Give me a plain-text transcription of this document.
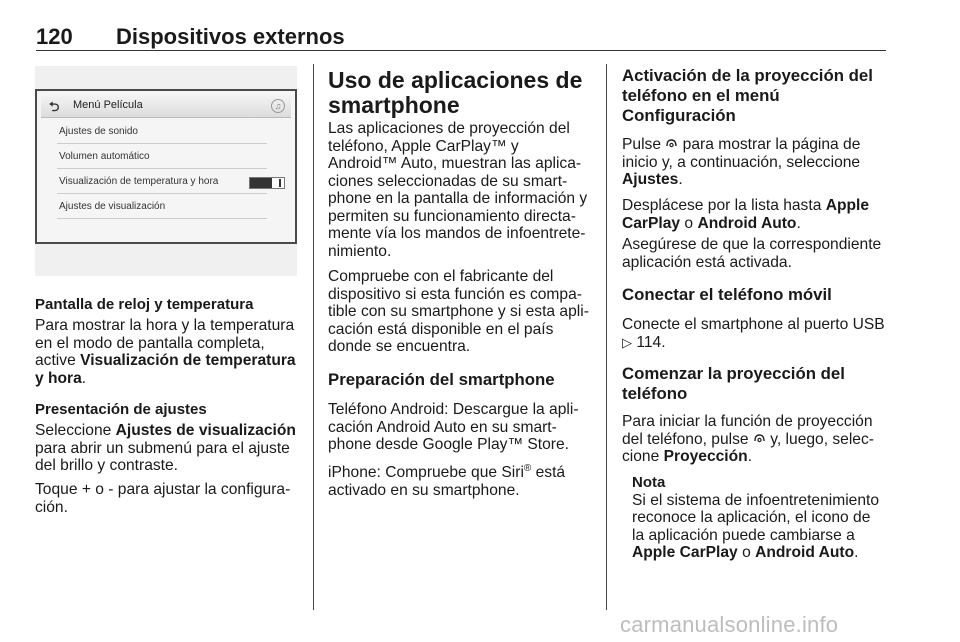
120 Dispositivos externos
⮌ Menú Película	♫
Ajustes de sonido
Volumen automático
Visualización de temperatura y hora
Ajustes de visualización
Pantalla de reloj y temperatura

Para mostrar la hora y la temperatura en el modo de pantalla completa, active Visualización de temperatura y hora.

Presentación de ajustes

Seleccione Ajustes de visualización para abrir un submenú para el ajuste del brillo y contraste.

Toque + o - para ajustar la configura-ción.

Uso de aplicaciones de smartphone

Las aplicaciones de proyección del teléfono, Apple CarPlay™ y Android™ Auto, muestran las aplica-ciones seleccionadas de su smart-phone en la pantalla de información y permiten su funcionamiento directa-mente vía los mandos de infoentrete-nimiento.

Compruebe con el fabricante del dispositivo si esta función es compa-tible con su smartphone y si esta apli-cación está disponible en el país donde se encuentra.

Preparación del smartphone

Teléfono Android: Descargue la apli-cación Android Auto en su smart-phone desde Google Play™ Store.

iPhone: Compruebe que Siri® está activado en su smartphone.

Activación de la proyección del teléfono en el menú Configuración

Pulse  para mostrar la página de inicio y, a continuación, seleccione Ajustes.

Desplácese por la lista hasta Apple CarPlay o Android Auto.

Asegúrese de que la correspondiente aplicación está activada.

Conectar el teléfono móvil

Conecte el smartphone al puerto USB ▷ 114.

Comenzar la proyección del teléfono

Para iniciar la función de proyección del teléfono, pulse  y, luego, selec-cione Proyección.

Nota

Si el sistema de infoentretenimiento reconoce la aplicación, el icono de la aplicación puede cambiarse a Apple CarPlay o Android Auto.

carmanualsonline.info
